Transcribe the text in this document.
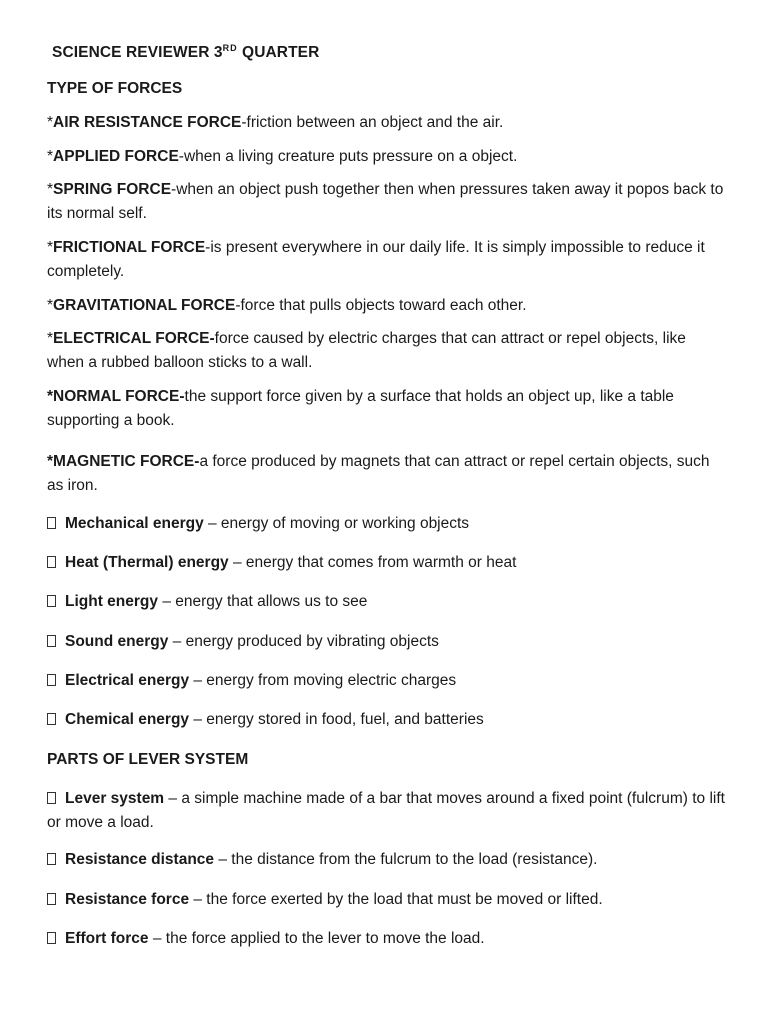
SCIENCE REVIEWER 3RD QUARTER
TYPE OF FORCES
*AIR RESISTANCE FORCE-friction between an object and the air.
*APPLIED FORCE-when a living creature puts pressure on a object.
*SPRING FORCE-when an object push together then when pressures taken away it popos back to its normal self.
*FRICTIONAL FORCE-is present everywhere in our daily life. It is simply impossible to reduce it completely.
*GRAVITATIONAL FORCE-force that pulls objects toward each other.
*ELECTRICAL FORCE-force caused by electric charges that can attract or repel objects, like when a rubbed balloon sticks to a wall.
*NORMAL FORCE-the support force given by a surface that holds an object up, like a table supporting a book.
*MAGNETIC FORCE-a force produced by magnets that can attract or repel certain objects, such as iron.
Mechanical energy – energy of moving or working objects
Heat (Thermal) energy – energy that comes from warmth or heat
Light energy – energy that allows us to see
Sound energy – energy produced by vibrating objects
Electrical energy – energy from moving electric charges
Chemical energy – energy stored in food, fuel, and batteries
PARTS OF LEVER SYSTEM
Lever system – a simple machine made of a bar that moves around a fixed point (fulcrum) to lift or move a load.
Resistance distance – the distance from the fulcrum to the load (resistance).
Resistance force – the force exerted by the load that must be moved or lifted.
Effort force – the force applied to the lever to move the load.
